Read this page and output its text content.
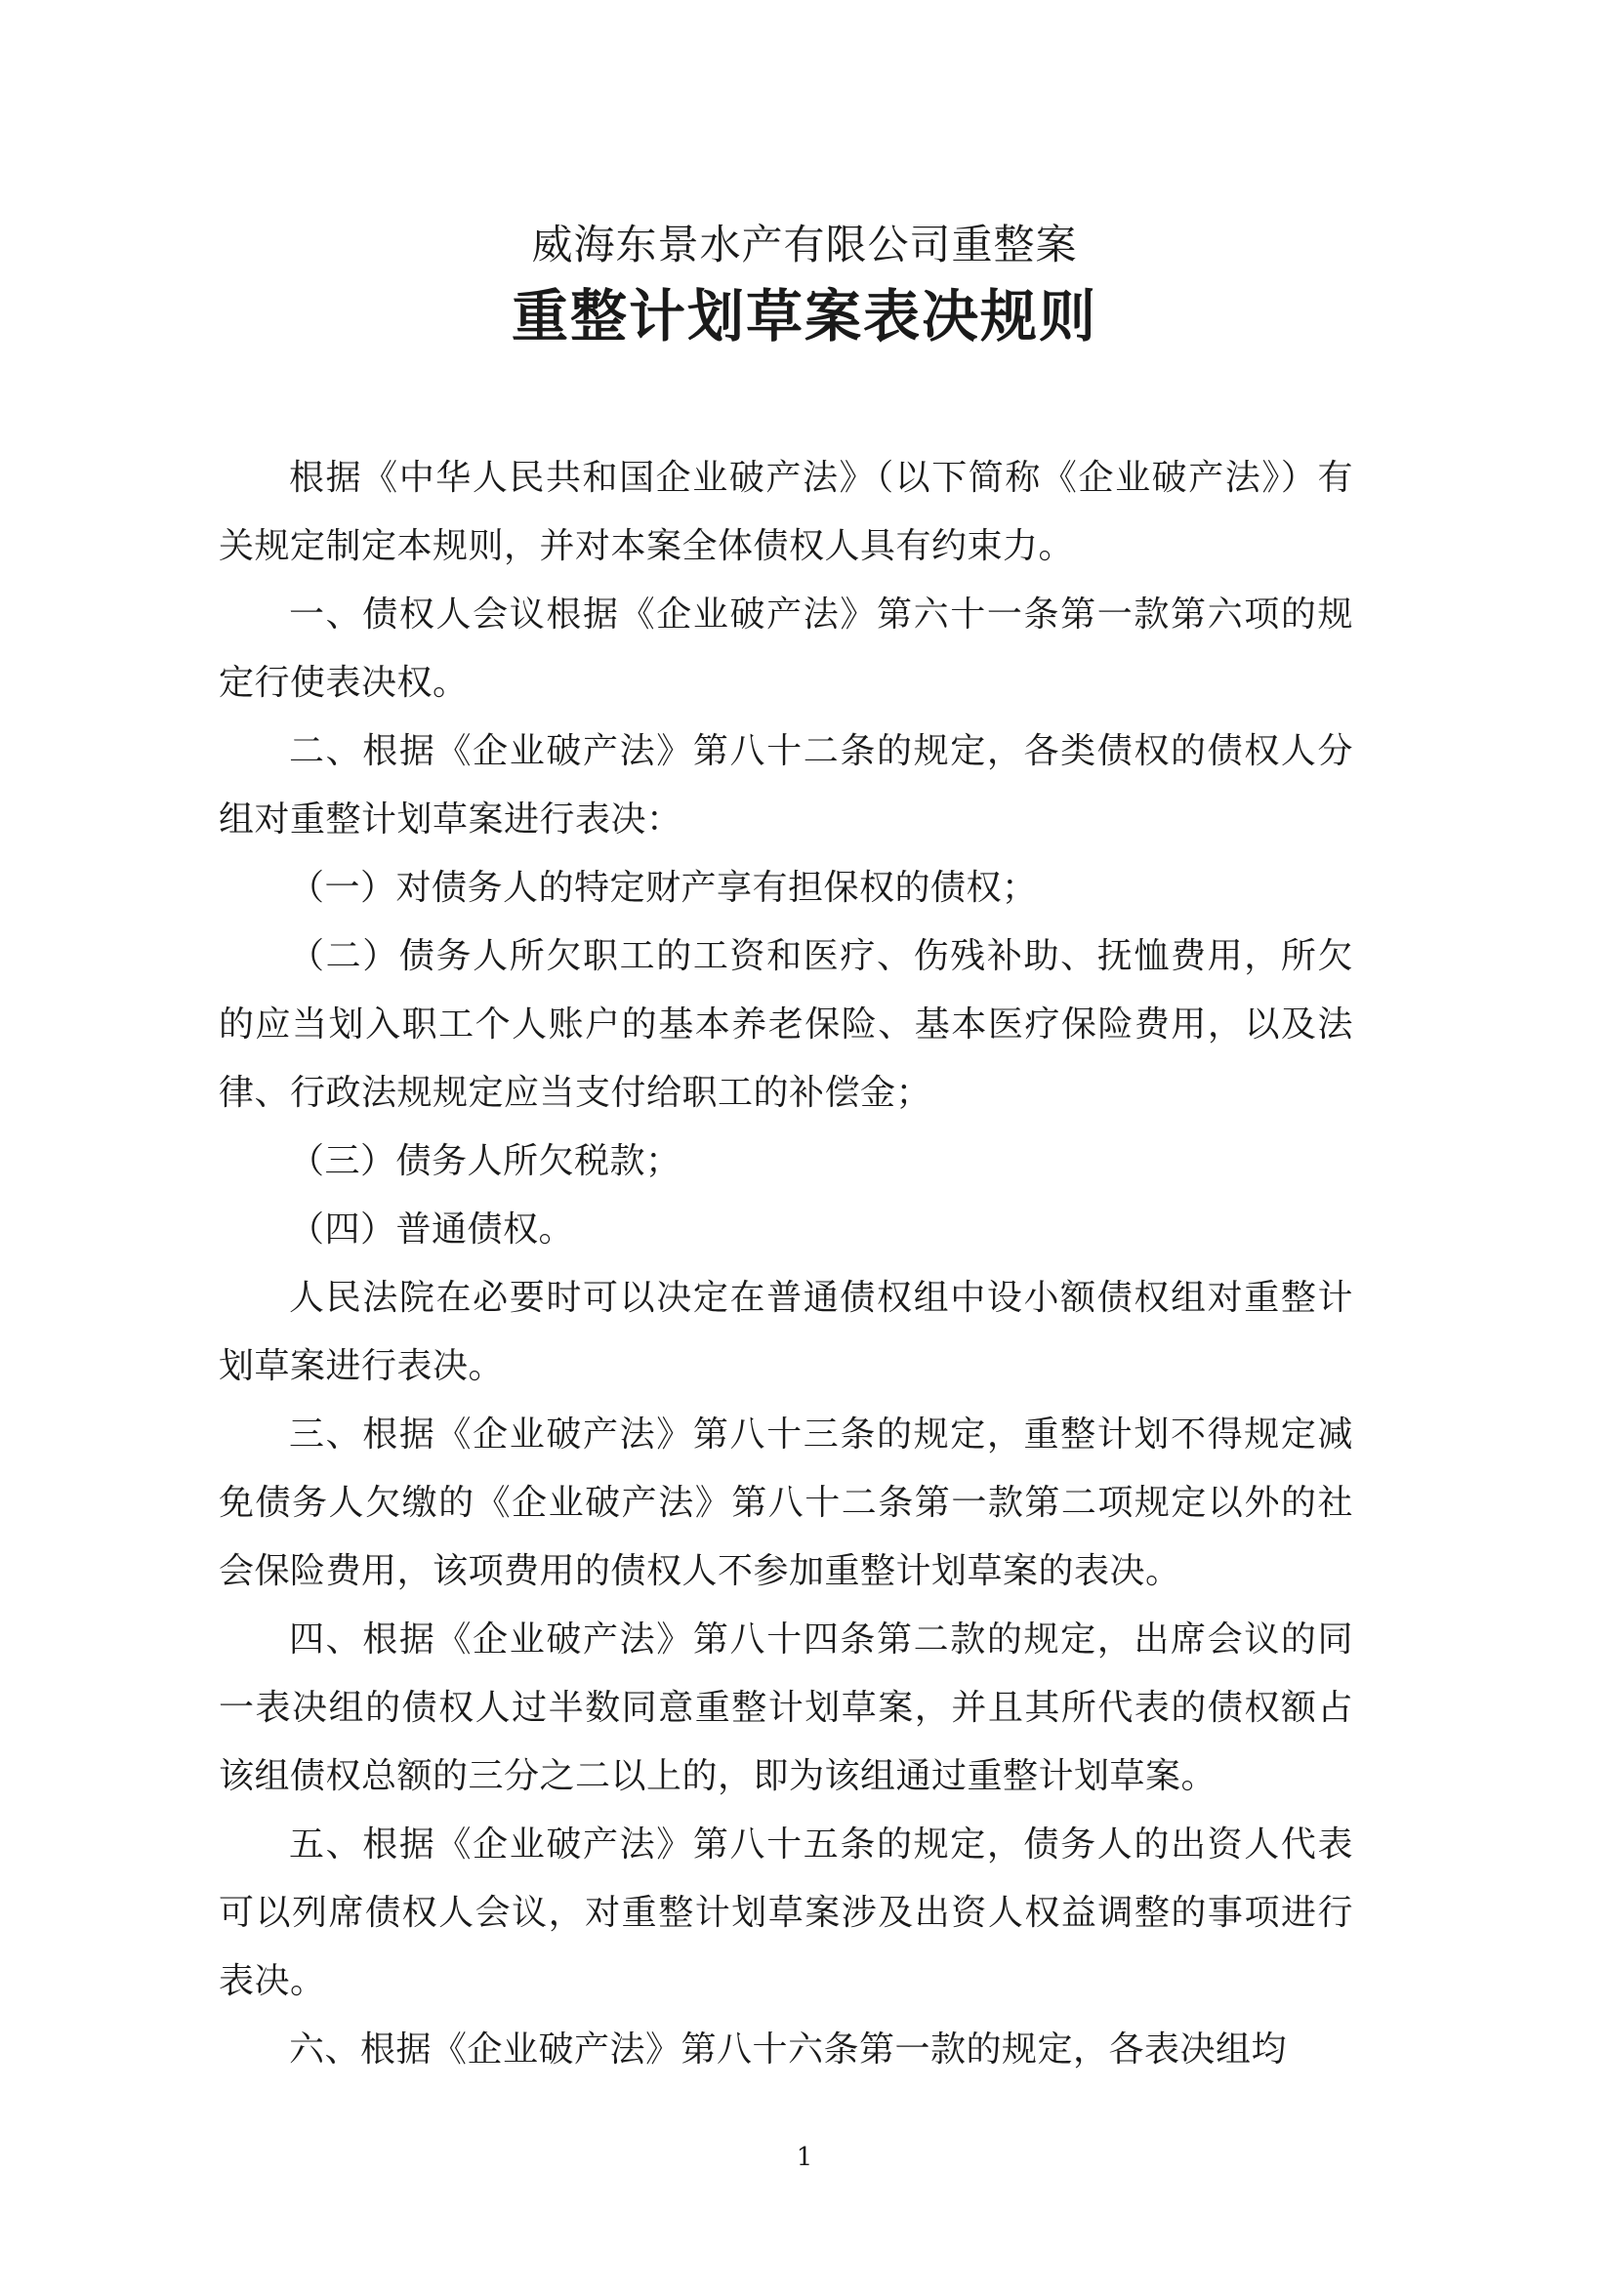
威海东景水产有限公司重整案
重整计划草案表决规则

根据《中华人民共和国企业破产法》（以下简称《企业破产法》）有关规定制定本规则，并对本案全体债权人具有约束力。

一、债权人会议根据《企业破产法》第六十一条第一款第六项的规定行使表决权。

二、根据《企业破产法》第八十二条的规定，各类债权的债权人分组对重整计划草案进行表决：

（一）对债务人的特定财产享有担保权的债权；

（二）债务人所欠职工的工资和医疗、伤残补助、抚恤费用，所欠的应当划入职工个人账户的基本养老保险、基本医疗保险费用，以及法律、行政法规规定应当支付给职工的补偿金；

（三）债务人所欠税款；

（四）普通债权。

人民法院在必要时可以决定在普通债权组中设小额债权组对重整计划草案进行表决。

三、根据《企业破产法》第八十三条的规定，重整计划不得规定减免债务人欠缴的《企业破产法》第八十二条第一款第二项规定以外的社会保险费用，该项费用的债权人不参加重整计划草案的表决。

四、根据《企业破产法》第八十四条第二款的规定，出席会议的同一表决组的债权人过半数同意重整计划草案，并且其所代表的债权额占该组债权总额的三分之二以上的，即为该组通过重整计划草案。

五、根据《企业破产法》第八十五条的规定，债务人的出资人代表可以列席债权人会议，对重整计划草案涉及出资人权益调整的事项进行表决。

六、根据《企业破产法》第八十六条第一款的规定，各表决组均

1
